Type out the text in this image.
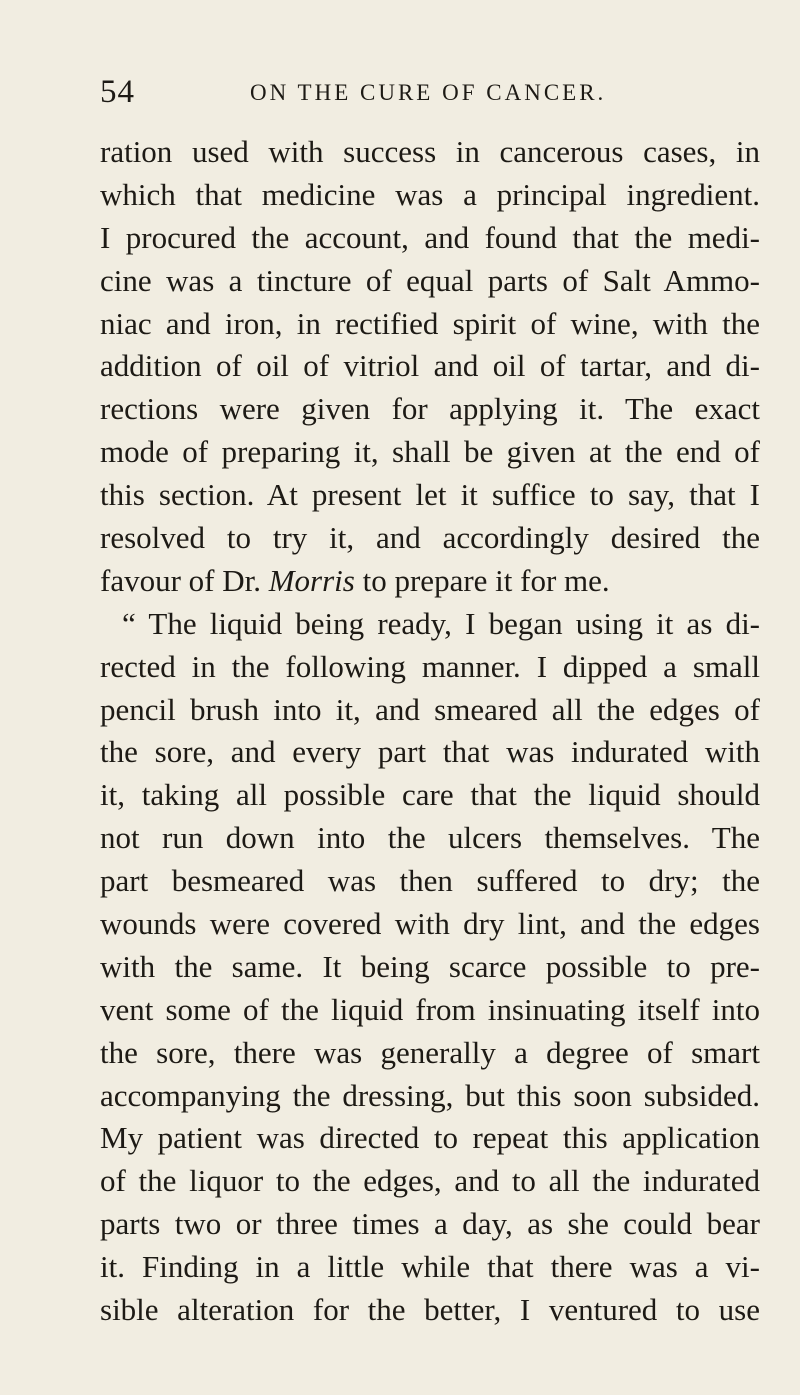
54	ON THE CURE OF CANCER.
ration used with success in cancerous cases, in
which that medicine was a principal ingredient.
I procured the account, and found that the medi-
cine was a tincture of equal parts of Salt Ammo-
niac and iron, in rectified spirit of wine, with the
addition of oil of vitriol and oil of tartar, and di-
rections were given for applying it. The exact
mode of preparing it, shall be given at the end of
this section. At present let it suffice to say, that I
resolved to try it, and accordingly desired the
favour of Dr. Morris to prepare it for me.
“ The liquid being ready, I began using it as di-
rected in the following manner. I dipped a small
pencil brush into it, and smeared all the edges of
the sore, and every part that was indurated with
it, taking all possible care that the liquid should
not run down into the ulcers themselves. The
part besmeared was then suffered to dry; the
wounds were covered with dry lint, and the edges
with the same. It being scarce possible to pre-
vent some of the liquid from insinuating itself into
the sore, there was generally a degree of smart
accompanying the dressing, but this soon subsided.
My patient was directed to repeat this application
of the liquor to the edges, and to all the indurated
parts two or three times a day, as she could bear
it. Finding in a little while that there was a vi-
sible alteration for the better, I ventured to use
